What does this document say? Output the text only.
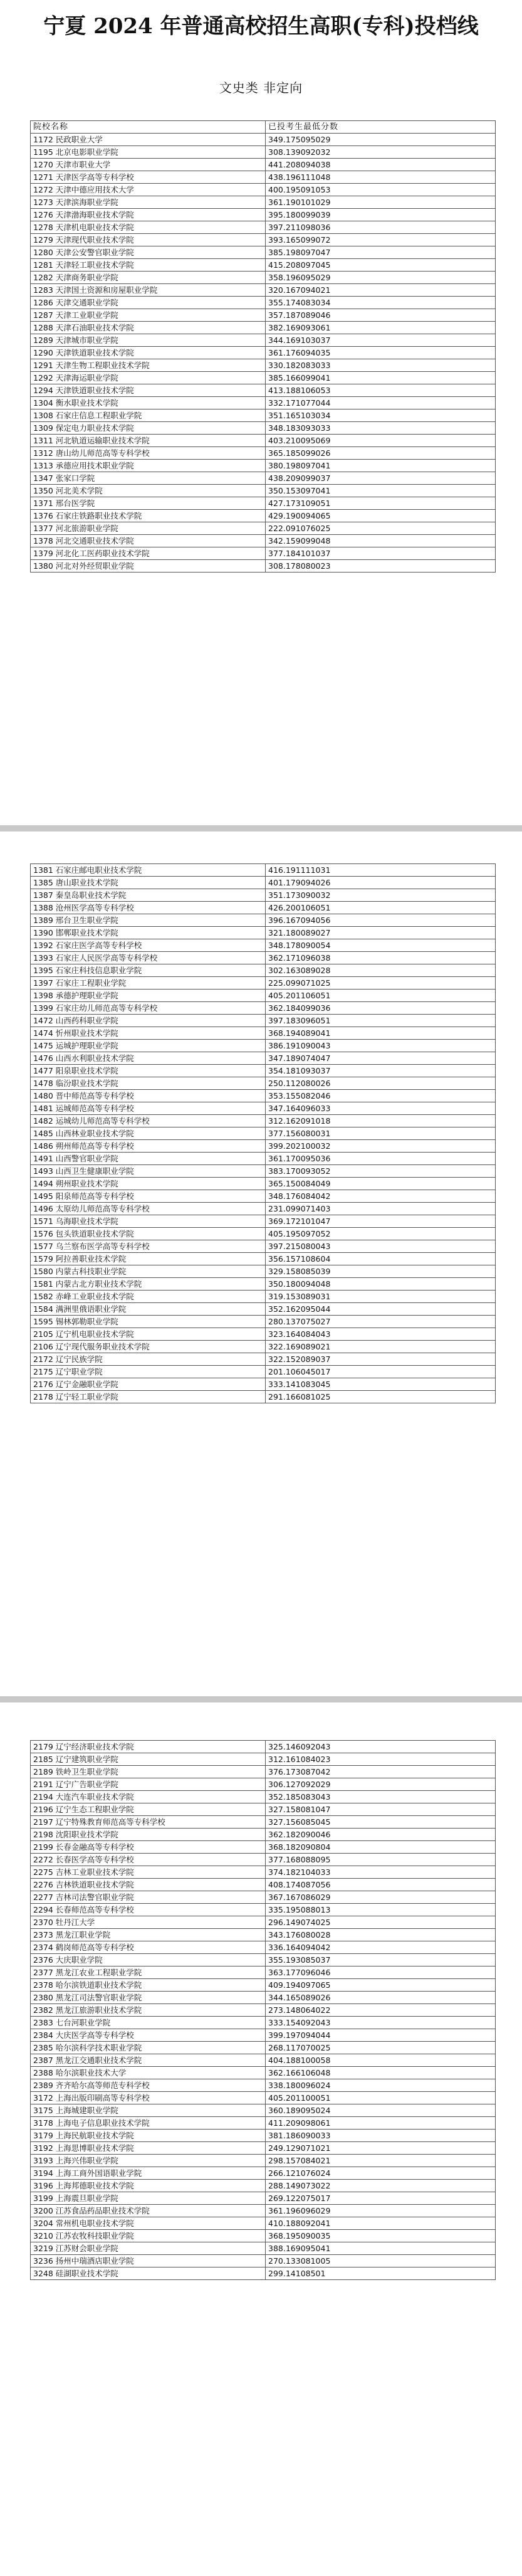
宁夏 2024 年普通高校招生高职(专科)投档线
文史类 非定向
院校名称	已投考生最低分数
1172 民政职业大学	349.175095029
1195 北京电影职业学院	308.139092032
1270 天津市职业大学	441.208094038
1271 天津医学高等专科学校	438.196111048
1272 天津中德应用技术大学	400.195091053
1273 天津滨海职业学院	361.190101029
1276 天津渤海职业技术学院	395.180099039
1278 天津机电职业技术学院	397.211098036
1279 天津现代职业技术学院	393.165099072
1280 天津公安警官职业学院	385.198097047
1281 天津轻工职业技术学院	415.208097045
1282 天津商务职业学院	358.196095029
1283 天津国土资源和房屋职业学院	320.167094021
1286 天津交通职业学院	355.174083034
1287 天津工业职业学院	357.187089046
1288 天津石油职业技术学院	382.169093061
1289 天津城市职业学院	344.169103037
1290 天津铁道职业技术学院	361.176094035
1291 天津生物工程职业技术学院	330.182083033
1292 天津海运职业学院	385.166099041
1294 天津铁道职业技术学院	413.188106053
1304 衡水职业技术学院	332.171077044
1308 石家庄信息工程职业学院	351.165103034
1309 保定电力职业技术学院	348.183093033
1311 河北轨道运输职业技术学院	403.210095069
1312 唐山幼儿师范高等专科学校	365.185099026
1313 承德应用技术职业学院	380.198097041
1347 张家口学院	438.209099037
1350 河北美术学院	350.153097041
1371 邢台医学院	427.173109051
1376 石家庄铁路职业技术学院	429.190094065
1377 河北旅游职业学院	222.091076025
1378 河北交通职业技术学院	342.159099048
1379 河北化工医药职业技术学院	377.184101037
1380 河北对外经贸职业学院	308.178080023
1381 石家庄邮电职业技术学院	416.191111031
1385 唐山职业技术学院	401.179094026
1387 秦皇岛职业技术学院	351.173090032
1388 沧州医学高等专科学校	426.200106051
1389 邢台卫生职业学院	396.167094056
1390 邯郸职业技术学院	321.180089027
1392 石家庄医学高等专科学校	348.178090054
1393 石家庄人民医学高等专科学校	362.171096038
1395 石家庄科技信息职业学院	302.163089028
1397 石家庄工程职业学院	225.099071025
1398 承德护理职业学院	405.201106051
1399 石家庄幼儿师范高等专科学校	362.184099036
1472 山西药科职业学院	397.183096051
1474 忻州职业技术学院	368.194089041
1475 运城护理职业学院	386.191090043
1476 山西水利职业技术学院	347.189074047
1477 阳泉职业技术学院	354.181093037
1478 临汾职业技术学院	250.112080026
1480 晋中师范高等专科学校	353.155082046
1481 运城师范高等专科学校	347.164096033
1482 运城幼儿师范高等专科学校	312.162091018
1485 山西林业职业技术学院	377.156080031
1486 朔州师范高等专科学校	399.202100032
1491 山西警官职业学院	361.170095036
1493 山西卫生健康职业学院	383.170093052
1494 朔州职业技术学院	365.150084049
1495 阳泉师范高等专科学校	348.176084042
1496 太原幼儿师范高等专科学校	231.099071403
1571 乌海职业技术学院	369.172101047
1576 包头铁道职业技术学院	405.195097052
1577 乌兰察布医学高等专科学校	397.215080043
1579 阿拉善职业技术学院	356.157108604
1580 内蒙古科技职业学院	329.158085039
1581 内蒙古北方职业技术学院	350.180094048
1582 赤峰工业职业技术学院	319.153089031
1584 满洲里俄语职业学院	352.162095044
1595 锡林郭勒职业学院	280.137075027
2105 辽宁机电职业技术学院	323.164084043
2106 辽宁现代服务职业技术学院	322.169089021
2172 辽宁民族学院	322.152089037
2175 辽宁职业学院	201.106045017
2176 辽宁金融职业学院	333.141083045
2178 辽宁轻工职业学院	291.166081025
2179 辽宁经济职业技术学院	325.146092043
2185 辽宁建筑职业学院	312.161084023
2189 铁岭卫生职业学院	376.173087042
2191 辽宁广告职业学院	306.127092029
2194 大连汽车职业技术学院	352.185083043
2196 辽宁生态工程职业学院	327.158081047
2197 辽宁特殊教育师范高等专科学校	327.156085045
2198 沈阳职业技术学院	362.182090046
2199 长春金融高等专科学校	368.182090804
2272 长春医学高等专科学校	377.168088095
2275 吉林工业职业技术学院	374.182104033
2276 吉林铁道职业技术学院	408.174087056
2277 吉林司法警官职业学院	367.167086029
2294 长春师范高等专科学校	335.195088013
2370 牡丹江大学	296.149074025
2373 黑龙江职业学院	343.176080028
2374 鹤岗师范高等专科学校	336.164094042
2376 大庆职业学院	355.193085037
2377 黑龙江农业工程职业学院	363.177096046
2378 哈尔滨铁道职业技术学院	409.194097065
2380 黑龙江司法警官职业学院	344.165089026
2382 黑龙江旅游职业技术学院	273.148064022
2383 七台河职业学院	333.154092043
2384 大庆医学高等专科学校	399.197094044
2385 哈尔滨科学技术职业学院	268.117070025
2387 黑龙江交通职业技术学院	404.188100058
2388 哈尔滨职业技术大学	362.166106048
2389 齐齐哈尔高等师范专科学校	338.180096024
3172 上海出版印刷高等专科学校	405.201100051
3175 上海城建职业学院	360.189095024
3178 上海电子信息职业技术学院	411.209098061
3179 上海民航职业技术学院	381.186090033
3192 上海思博职业技术学院	249.129071021
3193 上海兴伟职业学院	298.157084021
3194 上海工商外国语职业学院	266.121076024
3196 上海邦德职业技术学院	288.149073022
3199 上海震旦职业学院	269.122075017
3200 江苏食品药品职业技术学院	361.196096029
3204 常州机电职业技术学院	410.188092041
3210 江苏农牧科技职业学院	368.195090035
3219 江苏财会职业学院	388.169095041
3236 扬州中瑞酒店职业学院	270.133081005
3248 硅湖职业技术学院	299.14108501
